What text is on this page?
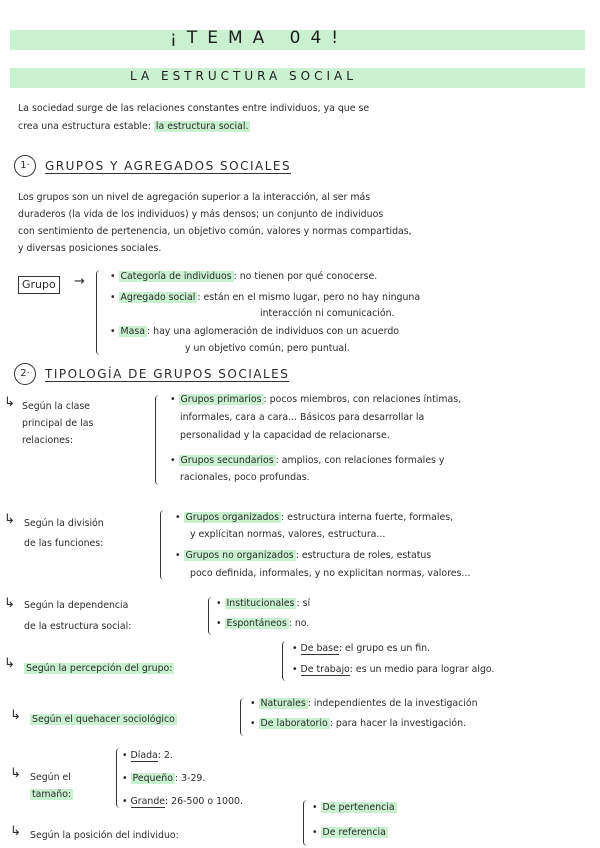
¡TEMA 04!
LA ESTRUCTURA SOCIAL
La sociedad surge de las relaciones constantes entre individuos, ya que se
crea una estructura estable: la estructura social.
1·	GRUPOS Y AGREGADOS SOCIALES
Los grupos son un nivel de agregación superior a la interacción, al ser más
duraderos (la vida de los individuos) y más densos; un conjunto de individuos
con sentimiento de pertenencia, un objetivo común, valores y normas compartidas,
y diversas posiciones sociales.
Grupo	→	• Categoría de individuos : no tienen por qué conocerse.
• Agregado social : están en el mismo lugar, pero no hay ninguna
interacción ni comunicación.
• Masa : hay una aglomeración de individuos con un acuerdo
y un objetivo común, pero puntual.
2·	TIPOLOGÍA DE GRUPOS SOCIALES
↳ Según la clase
principal de las
relaciones:
• Grupos primarios : pocos miembros, con relaciones íntimas,
informales, cara a cara... Básicos para desarrollar la
personalidad y la capacidad de relacionarse.
• Grupos secundarios : amplios, con relaciones formales y
racionales, poco profundas.
↳ Según la división
de las funciones:
• Grupos organizados : estructura interna fuerte, formales,
y explícitan normas, valores, estructura...
• Grupos no organizados : estructura de roles, estatus
poco definida, informales, y no explicitan normas, valores...
↳ Según la dependencia
de la estructura social:
• Institucionales : sí
• Espontáneos : no.
↳ Según la percepción del grupo:
• De base: el grupo es un fin.
• De trabajo: es un medio para lograr algo.
↳ Según el quehacer sociológico
• Naturales : independientes de la investigación
• De laboratorio : para hacer la investigación.
↳ Según el
tamaño:
• Díada: 2.
• Pequeño : 3-29.
• Grande: 26-500 o 1000.
↳ Según la posición del individuo:
• De pertenencia
• De referencia
